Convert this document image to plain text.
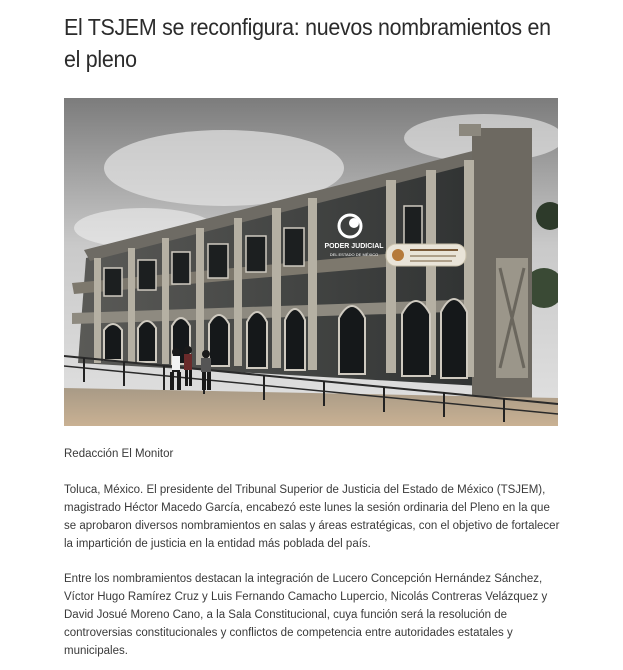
El TSJEM se reconfigura: nuevos nombramientos en el pleno
PODER JUDICIAL
DEL ESTADO DE MÉXICO
Redacción El Monitor

Toluca, México. El presidente del Tribunal Superior de Justicia del Estado de México (TSJEM), magistrado Héctor Macedo García, encabezó este lunes la sesión ordinaria del Pleno en la que se aprobaron diversos nombramientos en salas y áreas estratégicas, con el objetivo de fortalecer la impartición de justicia en la entidad más poblada del país.

Entre los nombramientos destacan la integración de Lucero Concepción Hernández Sánchez, Víctor Hugo Ramírez Cruz y Luis Fernando Camacho Lupercio, Nicolás Contreras Velázquez y David Josué Moreno Cano, a la Sala Constitucional, cuya función será la resolución de controversias constitucionales y conflictos de competencia entre autoridades estatales y municipales.
